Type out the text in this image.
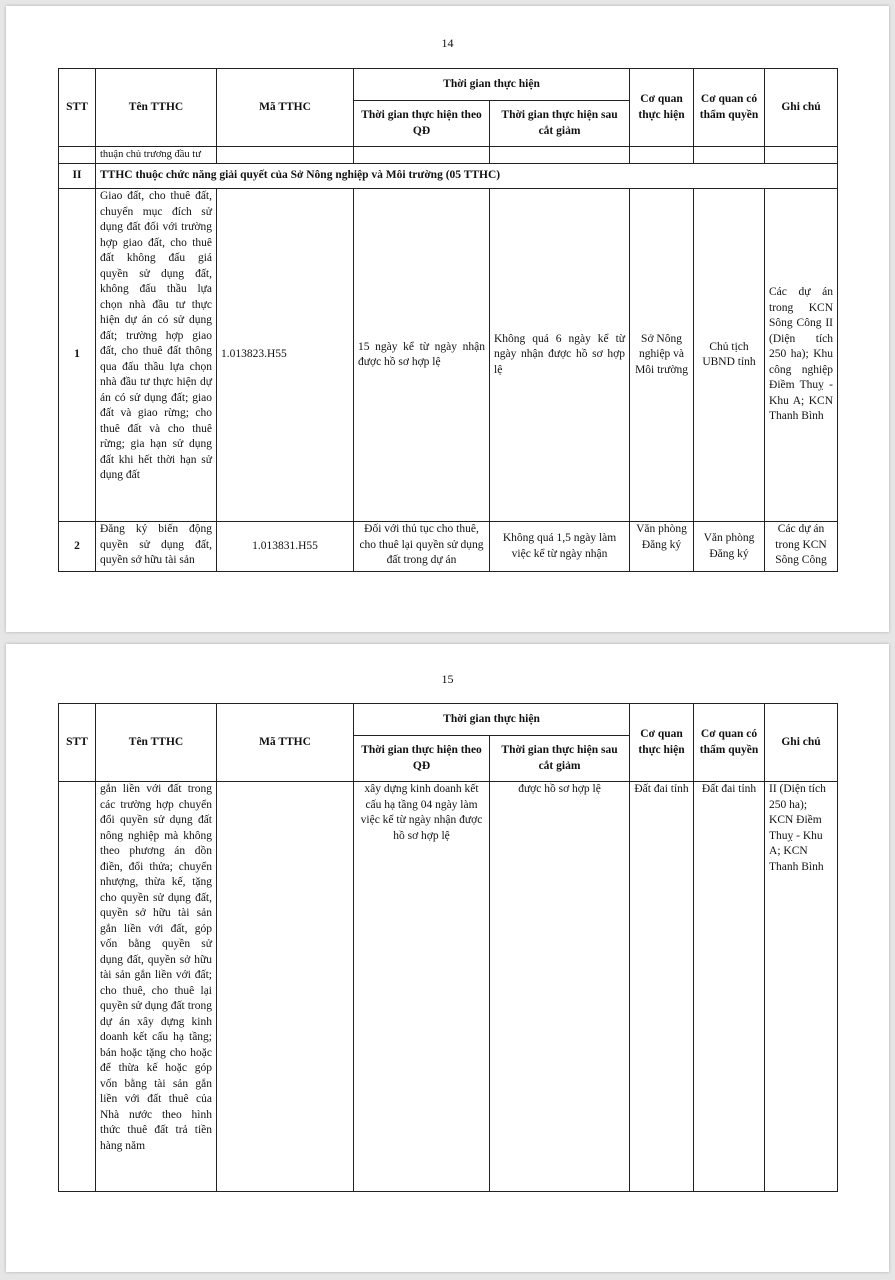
14
STT	Tên TTHC	Mã TTHC	Thời gian thực hiện		Cơ quan thực hiện	Cơ quan có thẩm quyền	Ghi chú
			Thời gian thực hiện theo QĐ	Thời gian thực hiện sau cắt giảm			
	thuận chủ trương đầu tư						
II	TTHC thuộc chức năng giải quyết của Sở Nông nghiệp và Môi trường (05 TTHC)						
1	Giao đất, cho thuê đất, chuyển mục đích sử dụng đất đối với trường hợp giao đất, cho thuê đất không đấu giá quyền sử dụng đất, không đấu thầu lựa chọn nhà đầu tư thực hiện dự án có sử dụng đất; trường hợp giao đất, cho thuê đất thông qua đấu thầu lựa chọn nhà đầu tư thực hiện dự án có sử dụng đất; giao đất và giao rừng; cho thuê đất và cho thuê rừng; gia hạn sử dụng đất khi hết thời hạn sử dụng đất	1.013823.H55	15 ngày kể từ ngày nhận được hồ sơ hợp lệ	Không quá 6 ngày kể từ ngày nhận được hồ sơ hợp lệ	Sở Nông nghiệp và Môi trường	Chủ tịch UBND tỉnh	Các dự án trong KCN Sông Công II (Diện tích 250 ha); Khu công nghiệp Điềm Thuỵ - Khu A; KCN Thanh Bình
2	Đăng ký biến động quyền sử dụng đất, quyền sở hữu tài sản	1.013831.H55	Đối với thủ tục cho thuê, cho thuê lại quyền sử dụng đất trong dự án	Không quá 1,5 ngày làm việc kể từ ngày nhận	Văn phòng Đăng ký	Văn phòng Đăng ký	Các dự án trong KCN Sông Công
15
STT	Tên TTHC	Mã TTHC	Thời gian thực hiện		Cơ quan thực hiện	Cơ quan có thẩm quyền	Ghi chú
			Thời gian thực hiện theo QĐ	Thời gian thực hiện sau cắt giảm			
	gắn liền với đất trong các trường hợp chuyển đổi quyền sử dụng đất nông nghiệp mà không theo phương án dồn điền, đổi thửa; chuyển nhượng, thừa kế, tặng cho quyền sử dụng đất, quyền sở hữu tài sản gắn liền với đất, góp vốn bằng quyền sử dụng đất, quyền sở hữu tài sản gắn liền với đất; cho thuê, cho thuê lại quyền sử dụng đất trong dự án xây dựng kinh doanh kết cấu hạ tầng; bán hoặc tặng cho hoặc để thừa kế hoặc góp vốn bằng tài sản gắn liền với đất thuê của Nhà nước theo hình thức thuê đất trả tiền hàng năm		xây dựng kinh doanh kết cấu hạ tầng 04 ngày làm việc kể từ ngày nhận được hồ sơ hợp lệ	được hồ sơ hợp lệ	Đất đai tỉnh	Đất đai tỉnh	II (Diện tích 250 ha); KCN Điềm Thuỵ - Khu A; KCN Thanh Bình
